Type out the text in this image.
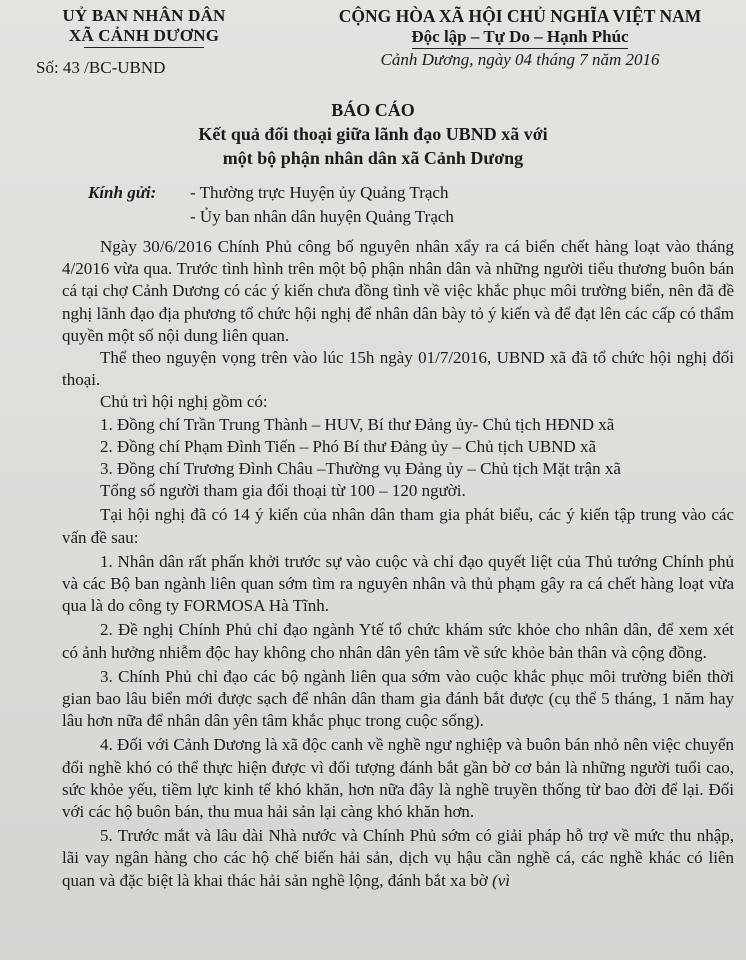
UỶ BAN NHÂN DÂN
XÃ CẢNH DƯƠNG
Số: 43 /BC-UBND
CỘNG HÒA XÃ HỘI CHỦ NGHĨA VIỆT NAM
Độc lập – Tự Do – Hạnh Phúc
Cảnh Dương, ngày 04 tháng 7 năm 2016
BÁO CÁO
Kết quả đối thoại giữa lãnh đạo UBND xã với
một bộ phận nhân dân xã Cảnh Dương
Kính gửi:	- Thường trực Huyện ủy Quảng Trạch
- Ủy ban nhân dân huyện Quảng Trạch

Ngày 30/6/2016 Chính Phủ công bố nguyên nhân xẩy ra cá biển chết hàng loạt vào tháng 4/2016 vừa qua. Trước tình hình trên một bộ phận nhân dân và những người tiểu thương buôn bán cá tại chợ Cảnh Dương có các ý kiến chưa đồng tình về việc khắc phục môi trường biển, nên đã đề nghị lãnh đạo địa phương tổ chức hội nghị để nhân dân bày tỏ ý kiến và để đạt lên các cấp có thẩm quyền một số nội dung liên quan.

Thể theo nguyện vọng trên vào lúc 15h ngày 01/7/2016, UBND xã đã tổ chức hội nghị đối thoại.

Chủ trì hội nghị gồm có:

1. Đồng chí Trần Trung Thành – HUV, Bí thư Đảng ủy- Chủ tịch HĐND xã

2. Đồng chí Phạm Đình Tiến – Phó Bí thư Đảng ủy – Chủ tịch UBND xã

3. Đồng chí Trương Đình Châu –Thường vụ Đảng ủy – Chủ tịch Mặt trận xã

Tổng số người tham gia đối thoại từ 100 – 120 người.

Tại hội nghị đã có 14 ý kiến của nhân dân tham gia phát biểu, các ý kiến tập trung vào các vấn đề sau:

1. Nhân dân rất phấn khởi trước sự vào cuộc và chỉ đạo quyết liệt của Thủ tướng Chính phủ và các Bộ ban ngành liên quan sớm tìm ra nguyên nhân và thủ phạm gây ra cá chết hàng loạt vừa qua là do công ty FORMOSA Hà Tĩnh.

2. Đề nghị Chính Phủ chỉ đạo ngành Ytế tổ chức khám sức khỏe cho nhân dân, để xem xét có ảnh hưởng nhiễm độc hay không cho nhân dân yên tâm về sức khỏe bản thân và cộng đồng.

3. Chính Phủ chỉ đạo các bộ ngành liên qua sớm vào cuộc khắc phục môi trường biển thời gian bao lâu biển mới được sạch để nhân dân tham gia đánh bắt được (cụ thể 5 tháng, 1 năm hay lâu hơn nữa để nhân dân yên tâm khắc phục trong cuộc sống).

4. Đối với Cảnh Dương là xã độc canh về nghề ngư nghiệp và buôn bán nhỏ nên việc chuyển đổi nghề khó có thể thực hiện được vì đối tượng đánh bắt gần bờ cơ bản là những người tuổi cao, sức khỏe yếu, tiềm lực kinh tế khó khăn, hơn nữa đây là nghề truyền thống từ bao đời để lại. Đối với các hộ buôn bán, thu mua hải sản lại càng khó khăn hơn.

5. Trước mắt và lâu dài Nhà nước và Chính Phủ sớm có giải pháp hỗ trợ về mức thu nhập, lãi vay ngân hàng cho các hộ chế biến hải sản, dịch vụ hậu cần nghề cá, các nghề khác có liên quan và đặc biệt là khai thác hải sản nghề lộng, đánh bắt xa bờ (vì
